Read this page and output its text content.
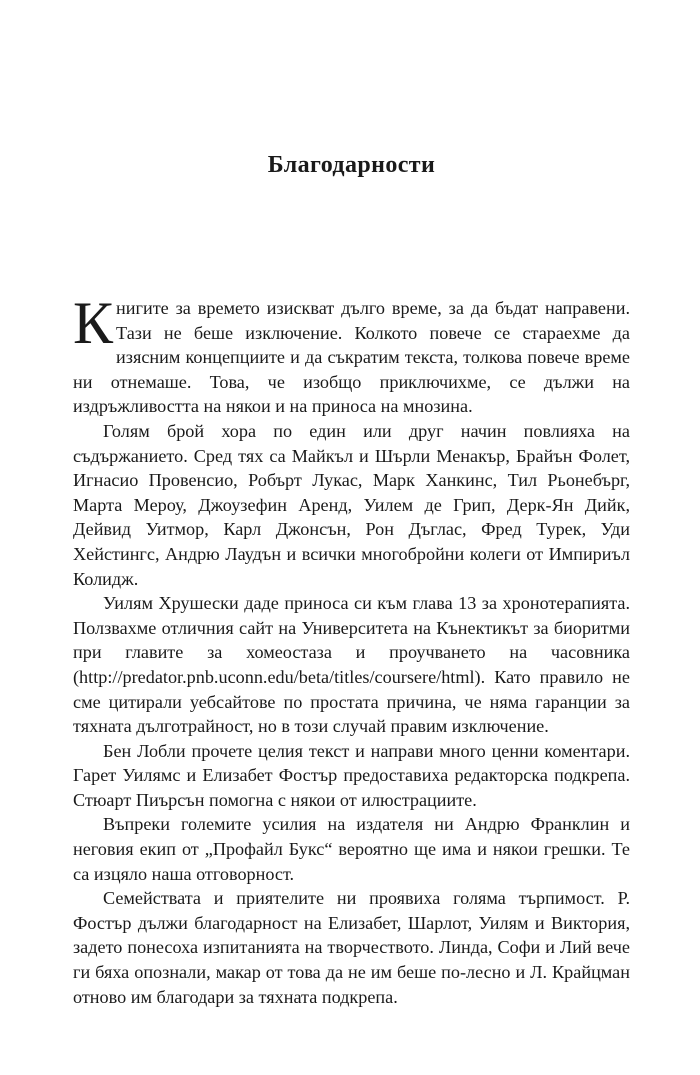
Благодарности

Книгите за времето изискват дълго време, за да бъдат направени. Тази не беше изключение. Колкото повече се стараехме да изясним концепциите и да съкратим текста, толкова повече време ни отнемаше. Това, че изобщо приключихме, се дължи на издръжливостта на някои и на приноса на мнозина.

Голям брой хора по един или друг начин повлияха на съдържанието. Сред тях са Майкъл и Шърли Менакър, Брайън Фолет, Игнасио Провенсио, Робърт Лукас, Марк Ханкинс, Тил Рьонебърг, Марта Мероу, Джоузефин Аренд, Уилем де Грип, Дерк-Ян Дийк, Дейвид Уитмор, Карл Джонсън, Рон Дъглас, Фред Турек, Уди Хейстингс, Андрю Лаудън и всички многобройни колеги от Импириъл Колидж.

Уилям Хрушески даде приноса си към глава 13 за хронотерапията. Ползвахме отличния сайт на Университета на Кънектикът за биоритми при главите за хомеостаза и проучването на часовника (http://predator.pnb.uconn.edu/beta/titles/coursere/html). Като правило не сме цитирали уебсайтове по простата причина, че няма гаранции за тяхната дълготрайност, но в този случай правим изключение.

Бен Лобли прочете целия текст и направи много ценни коментари. Гарет Уилямс и Елизабет Фостър предоставиха редакторска подкрепа. Стюарт Пиърсън помогна с някои от илюстрациите.

Въпреки големите усилия на издателя ни Андрю Франклин и неговия екип от „Профайл Букс“ вероятно ще има и някои грешки. Те са изцяло наша отговорност.

Семействата и приятелите ни проявиха голяма търпимост. Р. Фостър дължи благодарност на Елизабет, Шарлот, Уилям и Виктория, задето понесоха изпитанията на творчеството. Линда, Софи и Лий вече ги бяха опознали, макар от това да не им беше по-лесно и Л. Крайцман отново им благодари за тяхната подкрепа.
